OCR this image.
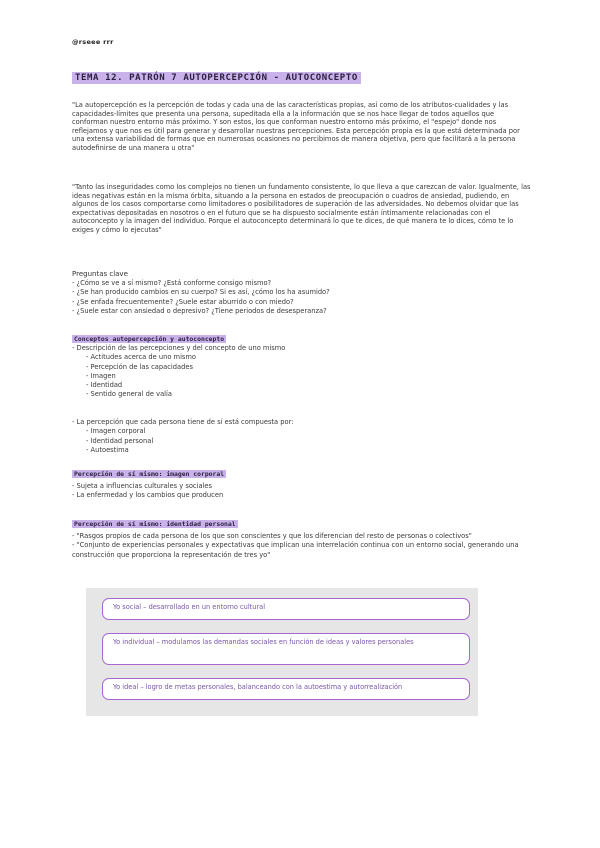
@rseee rrr
TEMA 12. PATRÓN 7 AUTOPERCEPCIÓN - AUTOCONCEPTO

"La autopercepción es la percepción de todas y cada una de las características propias, así como de los atributos-cualidades y las capacidades-límites que presenta una persona, supeditada ella a la información que se nos hace llegar de todos aquellos que conforman nuestro entorno más próximo. Y son estos, los que conforman nuestro entorno más próximo, el "espejo" donde nos reflejamos y que nos es útil para generar y desarrollar nuestras percepciones. Esta percepción propia es la que está determinada por una extensa variabilidad de formas que en numerosas ocasiones no percibimos de manera objetiva, pero que facilitará a la persona autodefinirse de una manera u otra"

"Tanto las inseguridades como los complejos no tienen un fundamento consistente, lo que lleva a que carezcan de valor. Igualmente, las ideas negativas están en la misma órbita, situando a la persona en estados de preocupación o cuadros de ansiedad, pudiendo, en algunos de los casos comportarse como limitadores o posibilitadores de superación de las adversidades. No debemos olvidar que las expectativas depositadas en nosotros o en el futuro que se ha dispuesto socialmente están íntimamente relacionadas con el autoconcepto y la imagen del individuo. Porque el autoconcepto determinará lo que te dices, de qué manera te lo dices, cómo te lo exiges y cómo lo ejecutas"

Preguntas clave
- ¿Cómo se ve a sí mismo? ¿Está conforme consigo mismo?
- ¿Se han producido cambios en su cuerpo? Si es así, ¿cómo los ha asumido?
- ¿Se enfada frecuentemente? ¿Suele estar aburrido o con miedo?
- ¿Suele estar con ansiedad o depresivo? ¿Tiene periodos de desesperanza?
Conceptos autopercepción y autoconcepto
- Descripción de las percepciones y del concepto de uno mismo
- Actitudes acerca de uno mismo
- Percepción de las capacidades
- Imagen
- Identidad
- Sentido general de valía
- La percepción que cada persona tiene de sí está compuesta por:
- Imagen corporal
- Identidad personal
- Autoestima
Percepción de sí mismo: imagen corporal
- Sujeta a influencias culturales y sociales
- La enfermedad y los cambios que producen
Percepción de sí mismo: identidad personal
- "Rasgos propios de cada persona de los que son conscientes y que los diferencian del resto de personas o colectivos"
- "Conjunto de experiencias personales y expectativas que implican una interrelación continua con un entorno social, generando una construcción que proporciona la representación de tres yo"
Yo social – desarrollado en un entorno cultural
Yo individual – modulamos las demandas sociales en función de ideas y valores personales
Yo ideal – logro de metas personales, balanceando con la autoestima y autorrealización
